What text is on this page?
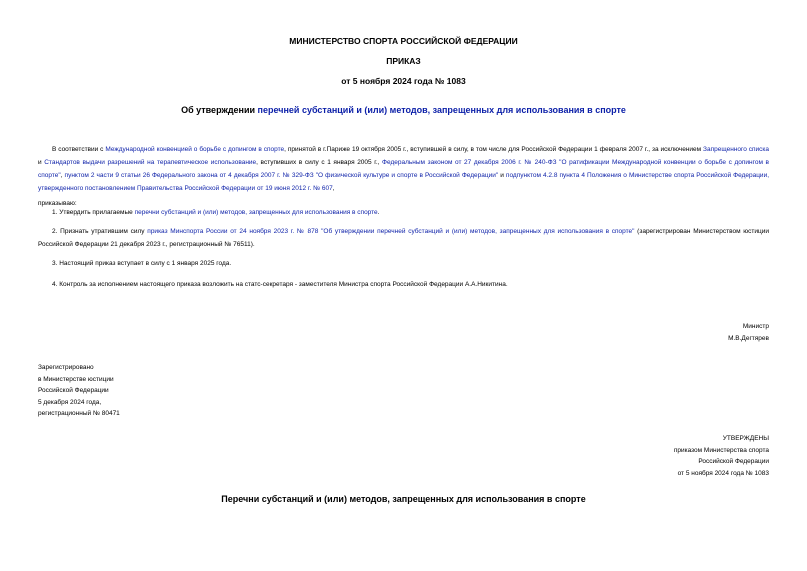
МИНИСТЕРСТВО СПОРТА РОССИЙСКОЙ ФЕДЕРАЦИИ
ПРИКАЗ
от 5 ноября 2024 года № 1083
Об утверждении перечней субстанций и (или) методов, запрещенных для использования в спорте
В соответствии с Международной конвенцией о борьбе с допингом в спорте, принятой в г.Париже 19 октября 2005 г., вступившей в силу, в том числе для Российской Федерации 1 февраля 2007 г., за исключением Запрещенного списка и Стандартов выдачи разрешений на терапевтическое использование, вступивших в силу с 1 января 2005 г., Федеральным законом от 27 декабря 2006 г. № 240-ФЗ "О ратификации Международной конвенции о борьбе с допингом в спорте", пунктом 2 части 9 статьи 26 Федерального закона от 4 декабря 2007 г. № 329-ФЗ "О физической культуре и спорте в Российской Федерации" и подпунктом 4.2.8 пункта 4 Положения о Министерстве спорта Российской Федерации, утвержденного постановлением Правительства Российской Федерации от 19 июня 2012 г. № 607,
приказываю:
1. Утвердить прилагаемые перечни субстанций и (или) методов, запрещенных для использования в спорте.
2. Признать утратившим силу приказ Минспорта России от 24 ноября 2023 г. № 878 "Об утверждении перечней субстанций и (или) методов, запрещенных для использования в спорте" (зарегистрирован Министерством юстиции Российской Федерации 21 декабря 2023 г., регистрационный № 76511).
3. Настоящий приказ вступает в силу с 1 января 2025 года.
4. Контроль за исполнением настоящего приказа возложить на статс-секретаря - заместителя Министра спорта Российской Федерации А.А.Никитина.
Министр
М.В.Дегтярев
Зарегистрировано
в Министерстве юстиции
Российской Федерации
5 декабря 2024 года,
регистрационный № 80471
УТВЕРЖДЕНЫ
приказом Министерства спорта
Российской Федерации
от 5 ноября 2024 года № 1083
Перечни субстанций и (или) методов, запрещенных для использования в спорте
